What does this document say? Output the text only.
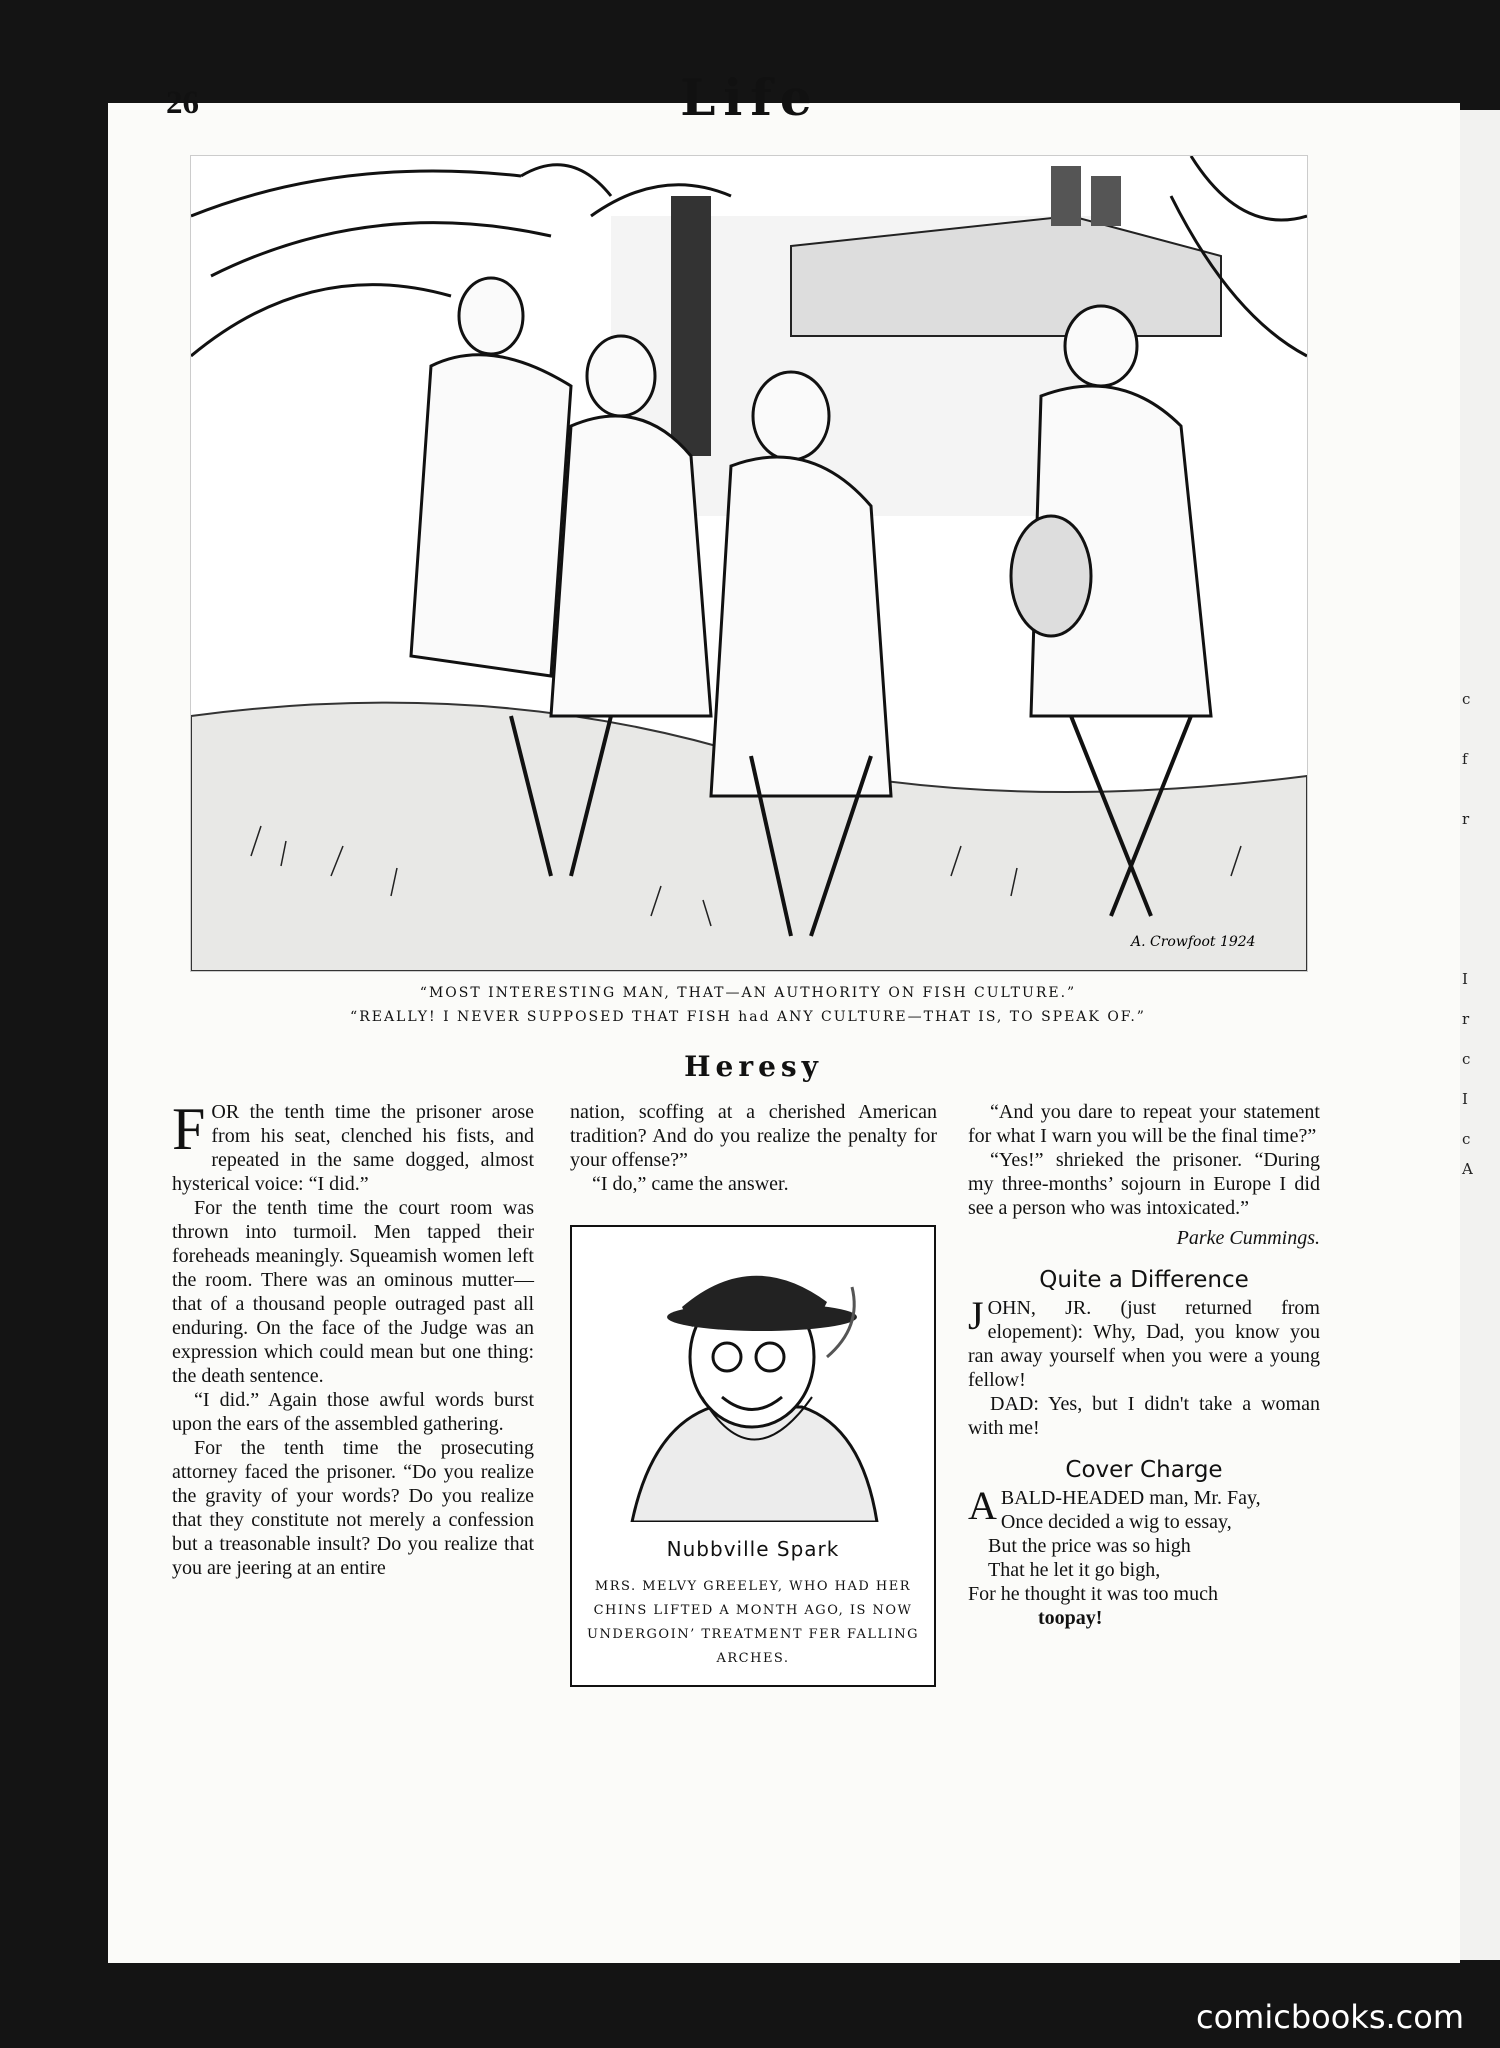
c
f
r
I
r
c
I
c
A
26	Life
A. Crowfoot 1924
“MOST INTERESTING MAN, THAT—AN AUTHORITY ON FISH CULTURE.”
“REALLY! I NEVER SUPPOSED THAT FISH had ANY CULTURE—THAT IS, TO SPEAK OF.”
Heresy

FOR the tenth time the prisoner arose from his seat, clenched his fists, and repeated in the same dogged, almost hysterical voice: “I did.”

For the tenth time the court room was thrown into turmoil. Men tapped their foreheads meaningly. Squeamish women left the room. There was an ominous mutter—that of a thousand people outraged past all enduring. On the face of the Judge was an expression which could mean but one thing: the death sentence.

“I did.” Again those awful words burst upon the ears of the assembled gathering.

For the tenth time the prosecuting attorney faced the prisoner. “Do you realize the gravity of your words? Do you realize that they constitute not merely a confession but a treasonable insult? Do you realize that you are jeering at an entire

nation, scoffing at a cherished American tradition? And do you realize the penalty for your offense?”

“I do,” came the answer.

Nubbville Spark
MRS. MELVY GREELEY, WHO HAD HER CHINS LIFTED A MONTH AGO, IS NOW UNDERGOIN’ TREATMENT FER FALLING ARCHES.

“And you dare to repeat your statement for what I warn you will be the final time?”

“Yes!” shrieked the prisoner. “During my three-months’ sojourn in Europe I did see a person who was intoxicated.”

Parke Cummings.
Quite a Difference

JOHN, JR. (just returned from elopement): Why, Dad, you know you ran away yourself when you were a young fellow!

DAD: Yes, but I didn't take a woman with me!

Cover Charge
ABALD-HEADED man, Mr. Fay,
Once decided a wig to essay,
But the price was so high
That he let it go bigh,
For he thought it was too much
toopay!
comicbooks.com
